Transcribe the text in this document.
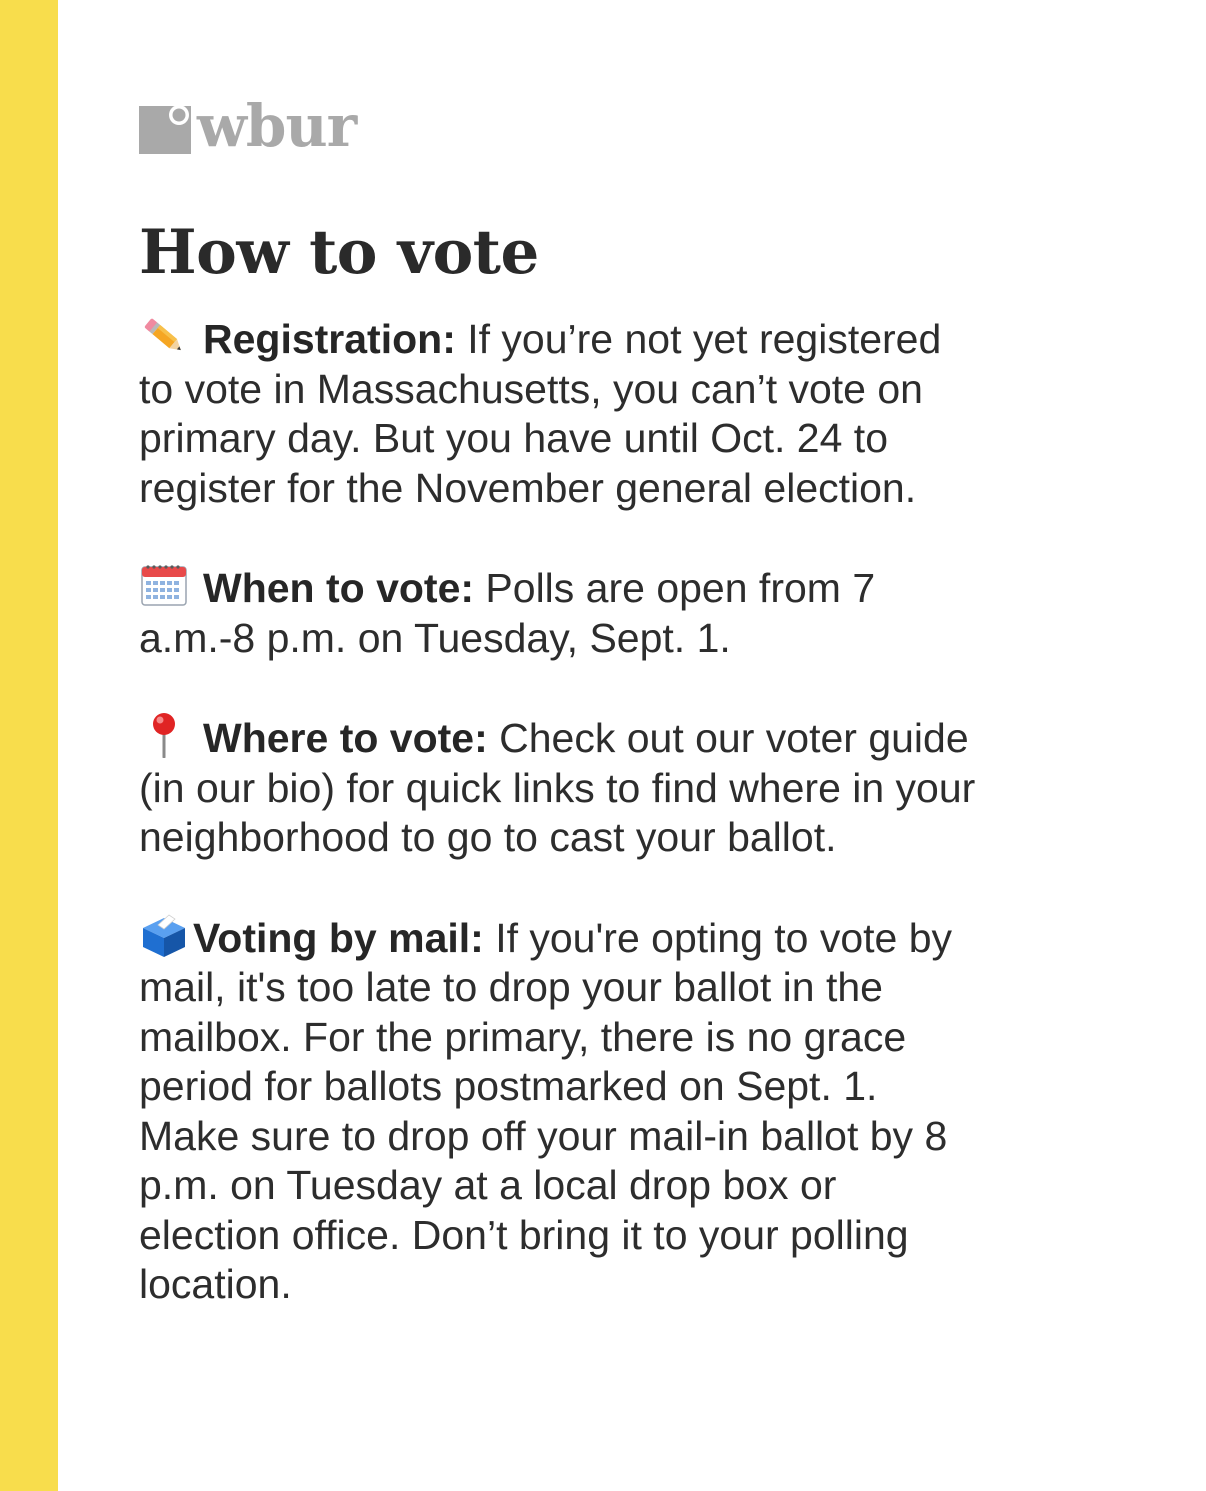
wbur
How to vote

Registration: If you’re not yet registered to vote in Massachusetts, you can’t vote on primary day. But you have until Oct. 24 to register for the November general election.

When to vote: Polls are open from 7 a.m.-8 p.m. on Tuesday, Sept. 1.

Where to vote: Check out our voter guide (in our bio) for quick links to find where in your neighborhood to go to cast your ballot.

Voting by mail: If you're opting to vote by mail, it's too late to drop your ballot in the mailbox. For the primary, there is no grace period for ballots postmarked on Sept. 1. Make sure to drop off your mail-in ballot by 8 p.m. on Tuesday at a local drop box or election office. Don’t bring it to your polling location.
